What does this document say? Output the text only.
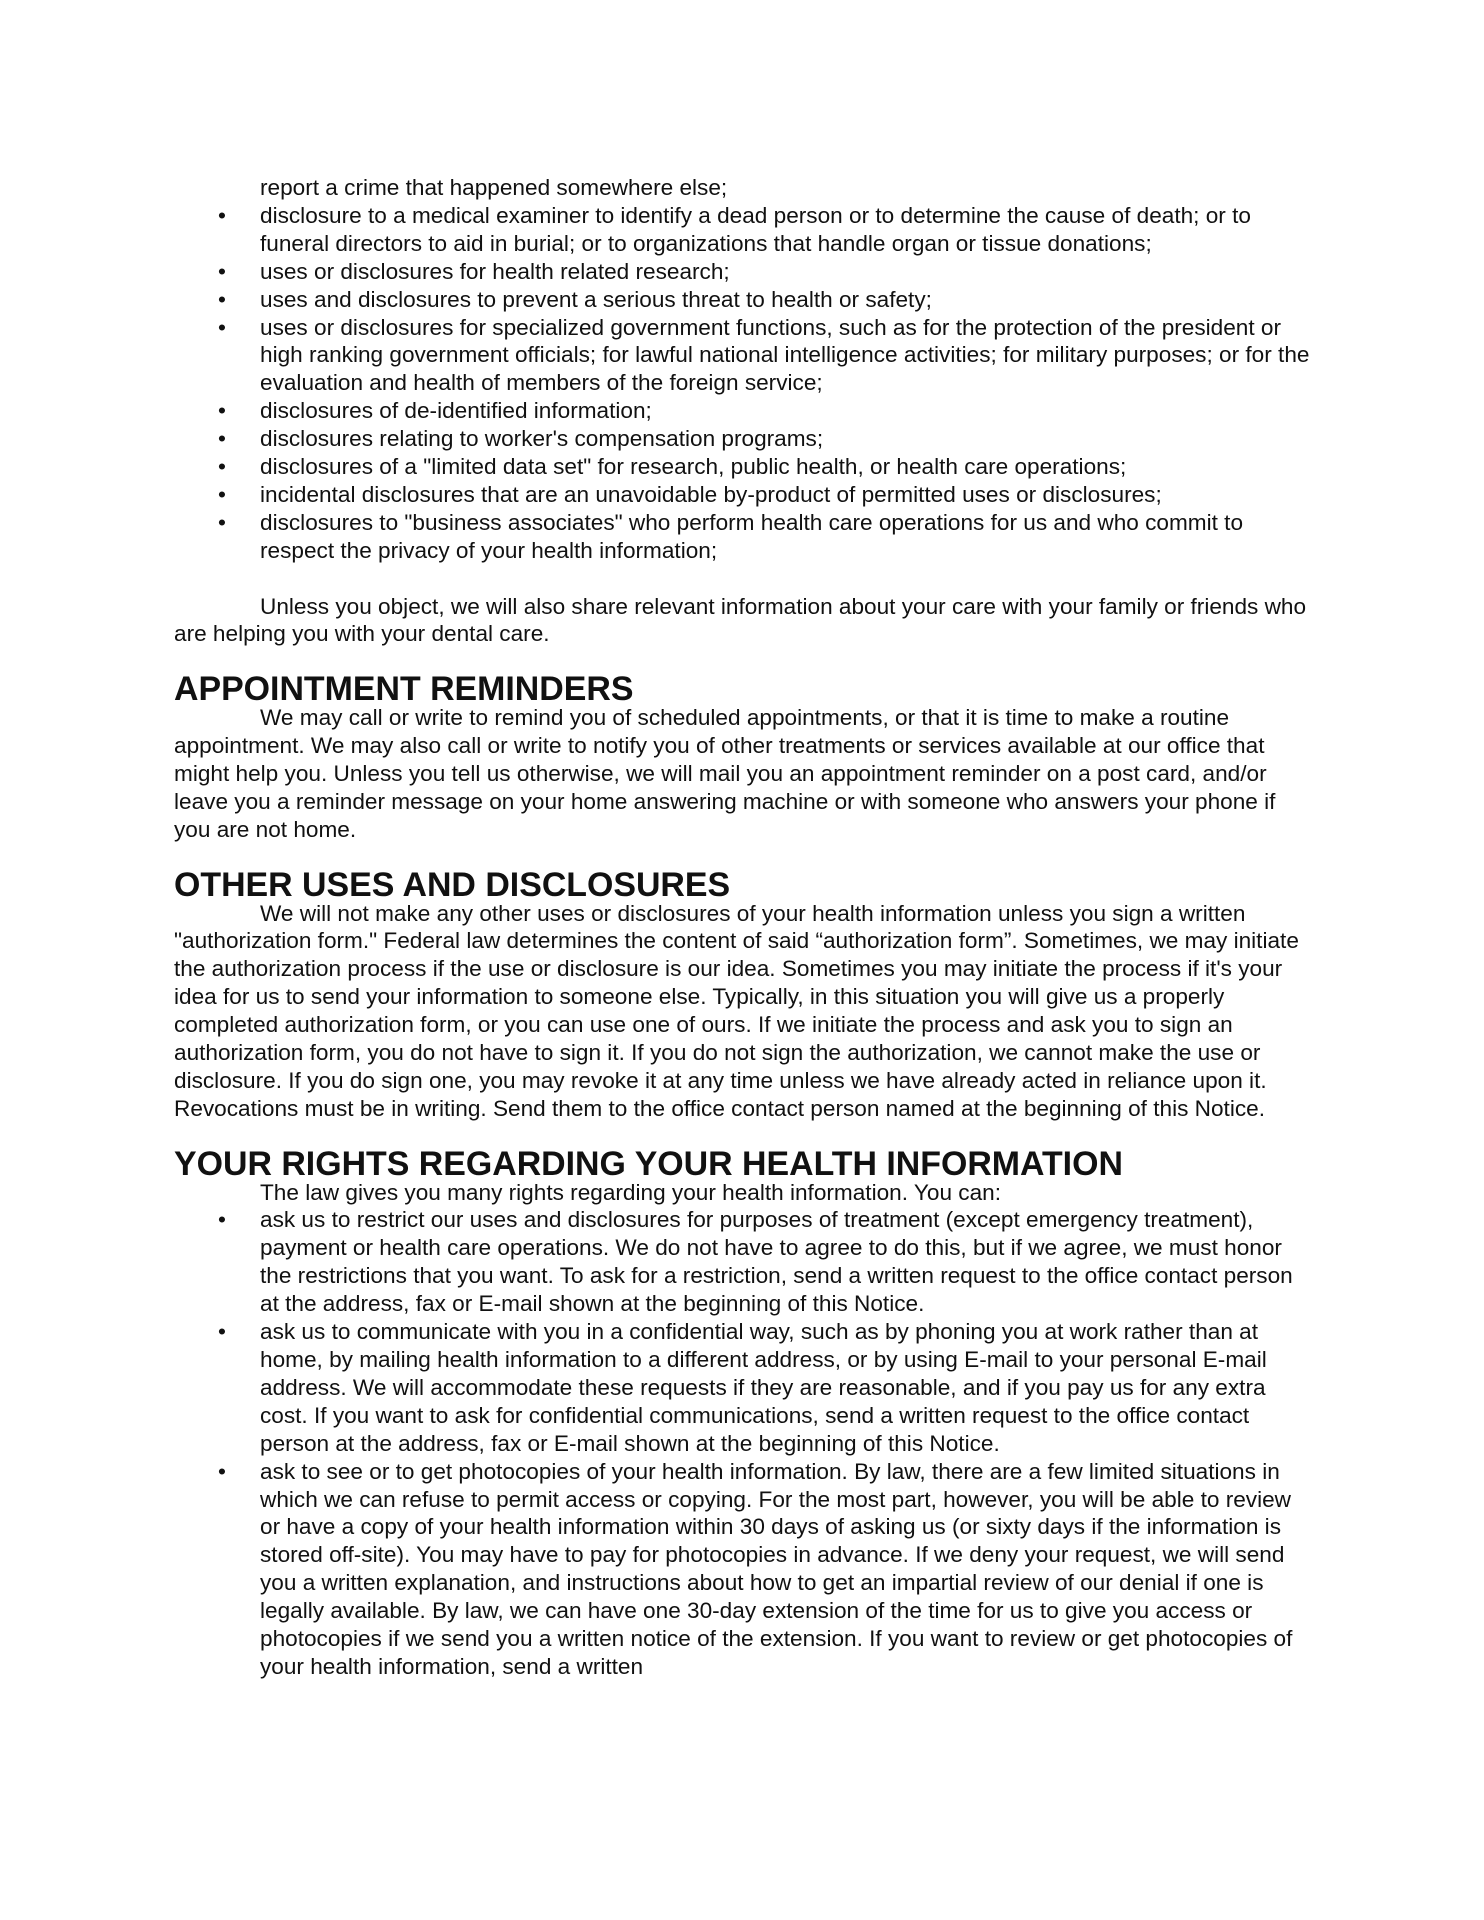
report a crime that happened somewhere else;
•	disclosure to a medical examiner to identify a dead person or to determine the cause of death; or to funeral directors to aid in burial; or to organizations that handle organ or tissue donations;
•	uses or disclosures for health related research;
•	uses and disclosures to prevent a serious threat to health or safety;
•	uses or disclosures for specialized government functions, such as for the protection of the president or high ranking government officials; for lawful national intelligence activities; for military purposes; or for the evaluation and health of members of the foreign service;
•	disclosures of de-identified information;
•	disclosures relating to worker's compensation programs;
•	disclosures of a "limited data set" for research, public health, or health care operations;
•	incidental disclosures that are an unavoidable by-product of permitted uses or disclosures;
•	disclosures to "business associates" who perform health care operations for us and who commit to respect the privacy of your health information;

Unless you object, we will also share relevant information about your care with your family or friends who are helping you with your dental care.

APPOINTMENT REMINDERS

We may call or write to remind you of scheduled appointments, or that it is time to make a routine appointment. We may also call or write to notify you of other treatments or services available at our office that might help you. Unless you tell us otherwise, we will mail you an appointment reminder on a post card, and/or leave you a reminder message on your home answering machine or with someone who answers your phone if you are not home.

OTHER USES AND DISCLOSURES

We will not make any other uses or disclosures of your health information unless you sign a written "authorization form." Federal law determines the content of said “authorization form”. Sometimes, we may initiate the authorization process if the use or disclosure is our idea. Sometimes you may initiate the process if it's your idea for us to send your information to someone else. Typically, in this situation you will give us a properly completed authorization form, or you can use one of ours. If we initiate the process and ask you to sign an authorization form, you do not have to sign it. If you do not sign the authorization, we cannot make the use or disclosure. If you do sign one, you may revoke it at any time unless we have already acted in reliance upon it. Revocations must be in writing. Send them to the office contact person named at the beginning of this Notice.

YOUR RIGHTS REGARDING YOUR HEALTH INFORMATION

The law gives you many rights regarding your health information. You can:

•	ask us to restrict our uses and disclosures for purposes of treatment (except emergency treatment), payment or health care operations. We do not have to agree to do this, but if we agree, we must honor the restrictions that you want. To ask for a restriction, send a written request to the office contact person at the address, fax or E-mail shown at the beginning of this Notice.
•	ask us to communicate with you in a confidential way, such as by phoning you at work rather than at home, by mailing health information to a different address, or by using E-mail to your personal E-mail address. We will accommodate these requests if they are reasonable, and if you pay us for any extra cost. If you want to ask for confidential communications, send a written request to the office contact person at the address, fax or E-mail shown at the beginning of this Notice.
•	ask to see or to get photocopies of your health information. By law, there are a few limited situations in which we can refuse to permit access or copying. For the most part, however, you will be able to review or have a copy of your health information within 30 days of asking us (or sixty days if the information is stored off-site). You may have to pay for photocopies in advance. If we deny your request, we will send you a written explanation, and instructions about how to get an impartial review of our denial if one is legally available. By law, we can have one 30-day extension of the time for us to give you access or photocopies if we send you a written notice of the extension. If you want to review or get photocopies of your health information, send a written
